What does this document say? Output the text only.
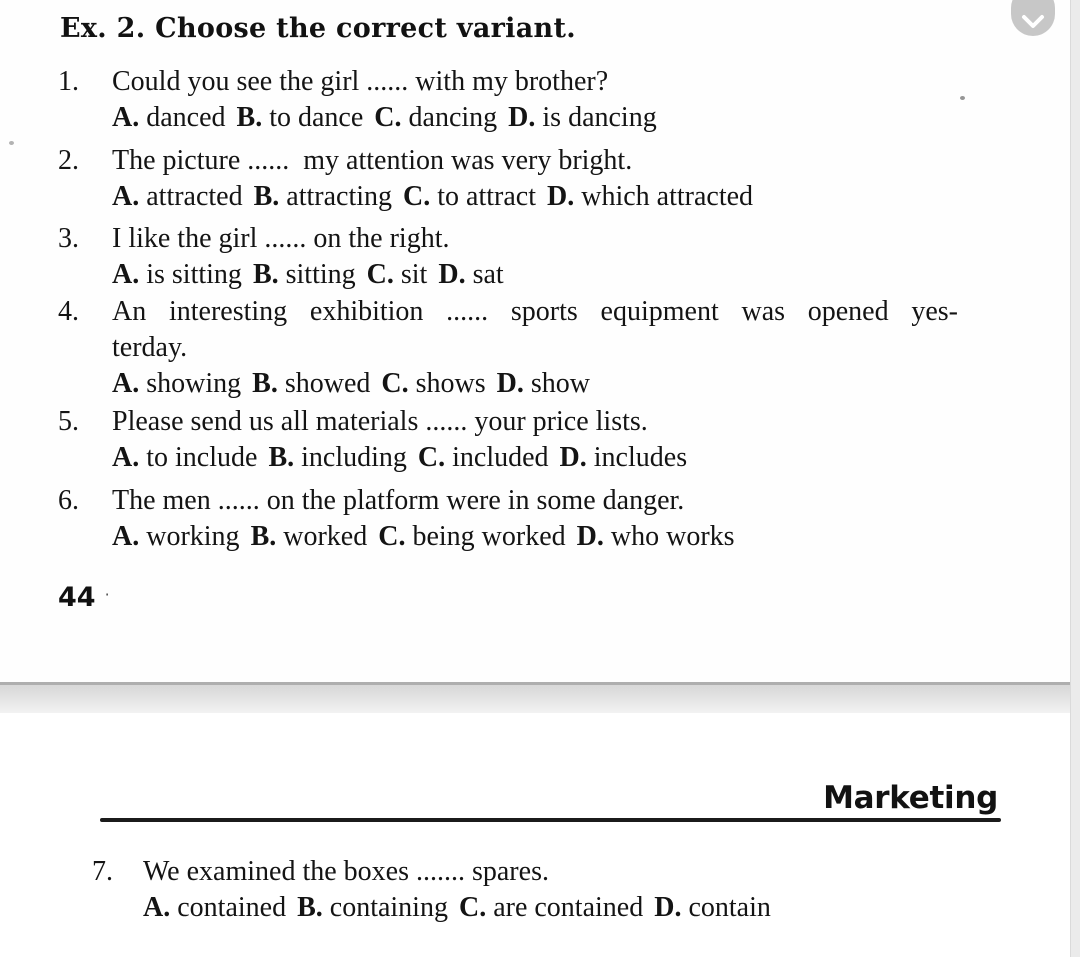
Ex. 2. Choose the correct variant.
1. Could you see the girl ...... with my brother?
A. danced B. to dance C. dancing D. is dancing
2. The picture ......  my attention was very bright.
A. attracted B. attracting C. to attract D. which attracted
3. I like the girl ...... on the right.
A. is sitting B. sitting C. sit D. sat
4. An interesting exhibition ...... sports equipment was opened yes-
terday.
A. showing B. showed C. shows D. show
5. Please send us all materials ...... your price lists.
A. to include B. including C. included D. includes
6. The men ...... on the platform were in some danger.
A. working B. worked C. being worked D. who works
44 ·
Marketing
7. We examined the boxes ....... spares.
A. contained B. containing C. are contained D. contain
